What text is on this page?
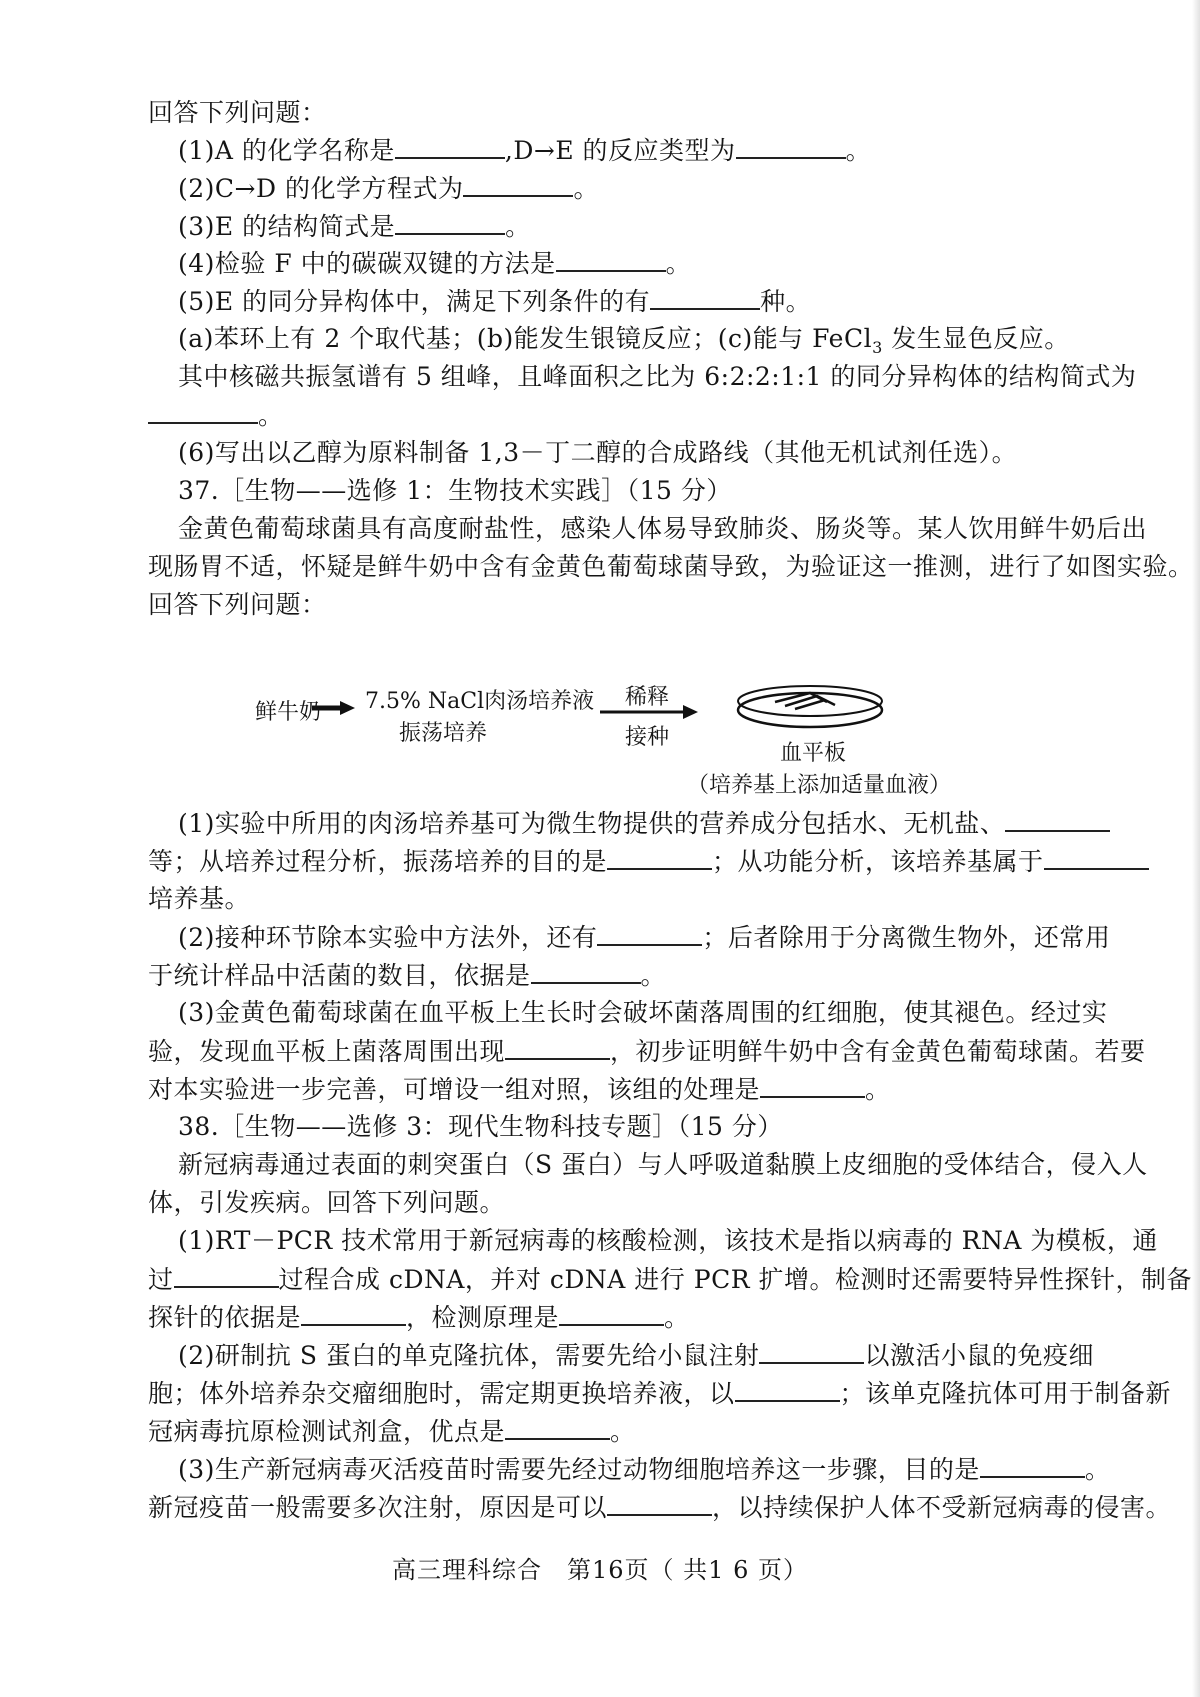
回答下列问题：
(1)A 的化学名称是	,D→E 的反应类型为	。
(2)C→D 的化学方程式为	。
(3)E 的结构简式是	。
(4)检验 F 中的碳碳双键的方法是	。
(5)E 的同分异构体中，满足下列条件的有	种。
(a)苯环上有 2 个取代基；(b)能发生银镜反应；(c)能与 FeCl$_3$ 发生显色反应。
其中核磁共振氢谱有 5 组峰，且峰面积之比为 6:2:2:1:1 的同分异构体的结构简式为
。
(6)写出以乙醇为原料制备 1,3－丁二醇的合成路线（其他无机试剂任选）。
37.［生物——选修 1：生物技术实践］（15 分）
金黄色葡萄球菌具有高度耐盐性，感染人体易导致肺炎、肠炎等。某人饮用鲜牛奶后出
现肠胃不适，怀疑是鲜牛奶中含有金黄色葡萄球菌导致，为验证这一推测，进行了如图实验。
回答下列问题：
鲜牛奶 7.5% NaCl肉汤培养液
振荡培养
稀释
接种
血平板
（培养基上添加适量血液）
(1)实验中所用的肉汤培养基可为微生物提供的营养成分包括水、无机盐、
等；从培养过程分析，振荡培养的目的是	；从功能分析，该培养基属于
培养基。
(2)接种环节除本实验中方法外，还有	；后者除用于分离微生物外，还常用
于统计样品中活菌的数目，依据是	。
(3)金黄色葡萄球菌在血平板上生长时会破坏菌落周围的红细胞，使其褪色。经过实
验，发现血平板上菌落周围出现	，初步证明鲜牛奶中含有金黄色葡萄球菌。若要
对本实验进一步完善，可增设一组对照，该组的处理是	。
38.［生物——选修 3：现代生物科技专题］（15 分）
新冠病毒通过表面的刺突蛋白（S 蛋白）与人呼吸道黏膜上皮细胞的受体结合，侵入人
体，引发疾病。回答下列问题。
(1)RT－PCR 技术常用于新冠病毒的核酸检测，该技术是指以病毒的 RNA 为模板，通
过	过程合成 cDNA，并对 cDNA 进行 PCR 扩增。检测时还需要特异性探针，制备
探针的依据是	，检测原理是	。
(2)研制抗 S 蛋白的单克隆抗体，需要先给小鼠注射	以激活小鼠的免疫细
胞；体外培养杂交瘤细胞时，需定期更换培养液，以	；该单克隆抗体可用于制备新
冠病毒抗原检测试剂盒，优点是	。
(3)生产新冠病毒灭活疫苗时需要先经过动物细胞培养这一步骤，目的是	。
新冠疫苗一般需要多次注射，原因是可以	，以持续保护人体不受新冠病毒的侵害。
高三理科综合　第16页（ 共1 6 页）
